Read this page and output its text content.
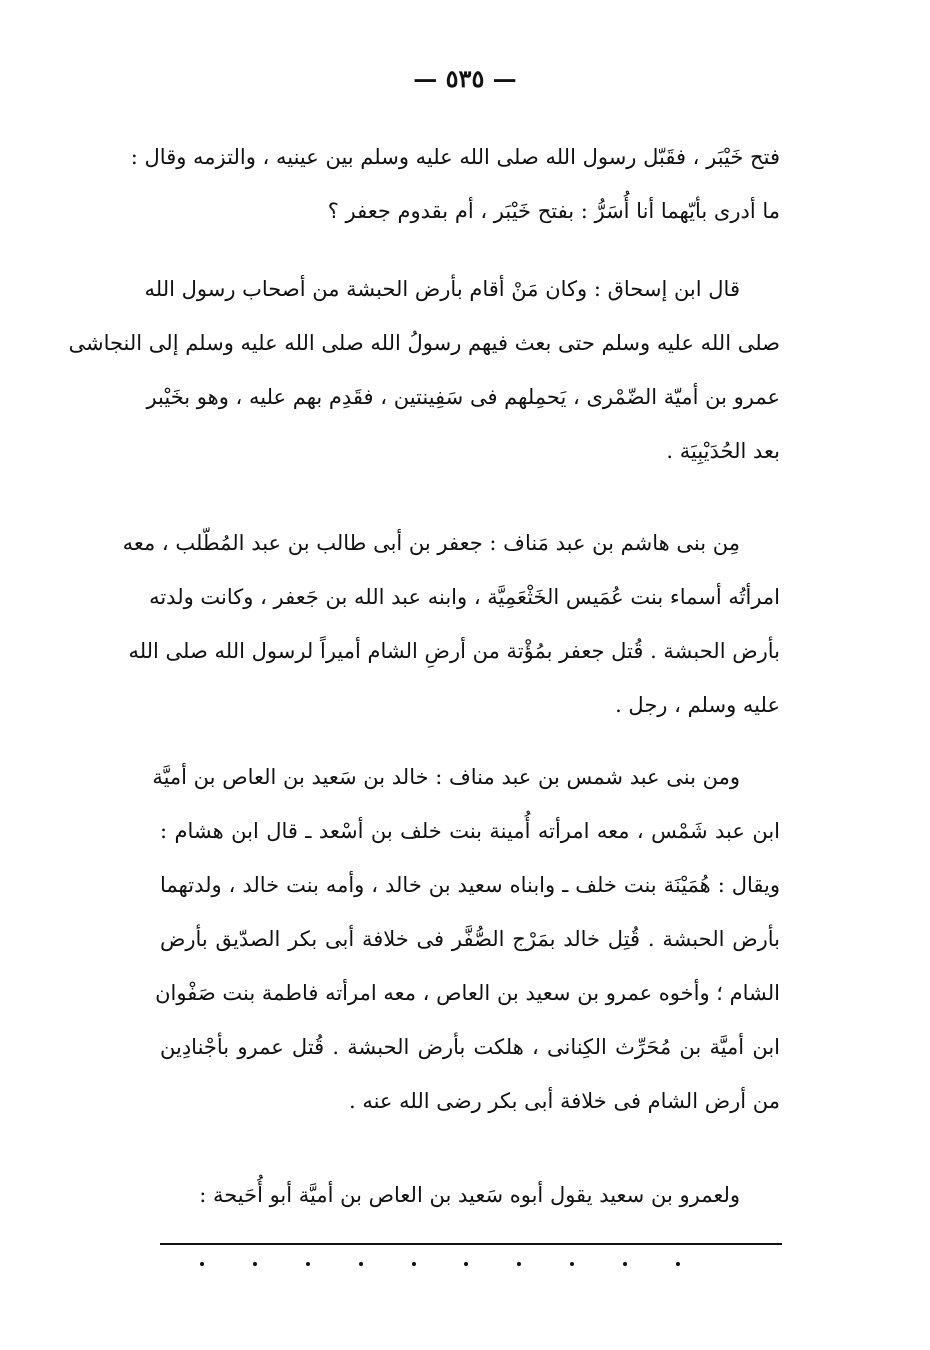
— ٥٣٥ —
فتح خَيْبَر ، فقَبّل رسول الله صلى الله عليه وسلم بين عينيه ، والتزمه وقال :
ما أدرى بأيّهما أنا أُسَرُّ : بفتح خَيْبَر ، أم بقدوم جعفر ؟
قال ابن إسحاق : وكان مَنْ أقام بأرض الحبشة من أصحاب رسول الله
صلى الله عليه وسلم حتى بعث فيهم رسولُ الله صلى الله عليه وسلم إلى النجاشى
عمرو بن أميّة الضّمْرى ، يَحمِلهم فى سَفِينتين ، فقَدِم بهم عليه ، وهو بخَيْبر
بعد الحُدَيْبِيَة .
مِن بنى هاشم بن عبد مَناف : جعفر بن أبى طالب بن عبد المُطّلب ، معه
امرأتُه أسماء بنت عُمَيس الخَثْعَمِيَّة ، وابنه عبد الله بن جَعفر ، وكانت ولدته
بأرض الحبشة . قُتل جعفر بمُؤْتة من أرضِ الشام أميراً لرسول الله صلى الله
عليه وسلم ، رجل .
ومن بنى عبد شمس بن عبد مناف : خالد بن سَعيد بن العاص بن أميَّة
ابن عبد شَمْس ، معه امرأته أُمينة بنت خلف بن أسْعد ـ قال ابن هشام :
ويقال : هُمَيْنَة بنت خلف ـ وابناه سعيد بن خالد ، وأمه بنت خالد ، ولدتهما
بأرض الحبشة . قُتِل خالد بمَرْج الصُّفَّر فى خلافة أبى بكر الصدّيق بأرض
الشام ؛ وأخوه عمرو بن سعيد بن العاص ، معه امرأته فاطمة بنت صَفْوان
ابن أميَّة بن مُحَرِّث الكِنانى ، هلكت بأرض الحبشة . قُتل عمرو بأجْنادِين
من أرض الشام فى خلافة أبى بكر رضى الله عنه .
ولعمرو بن سعيد يقول أبوه سَعيد بن العاص بن أميَّة أبو أُحَيحة :
